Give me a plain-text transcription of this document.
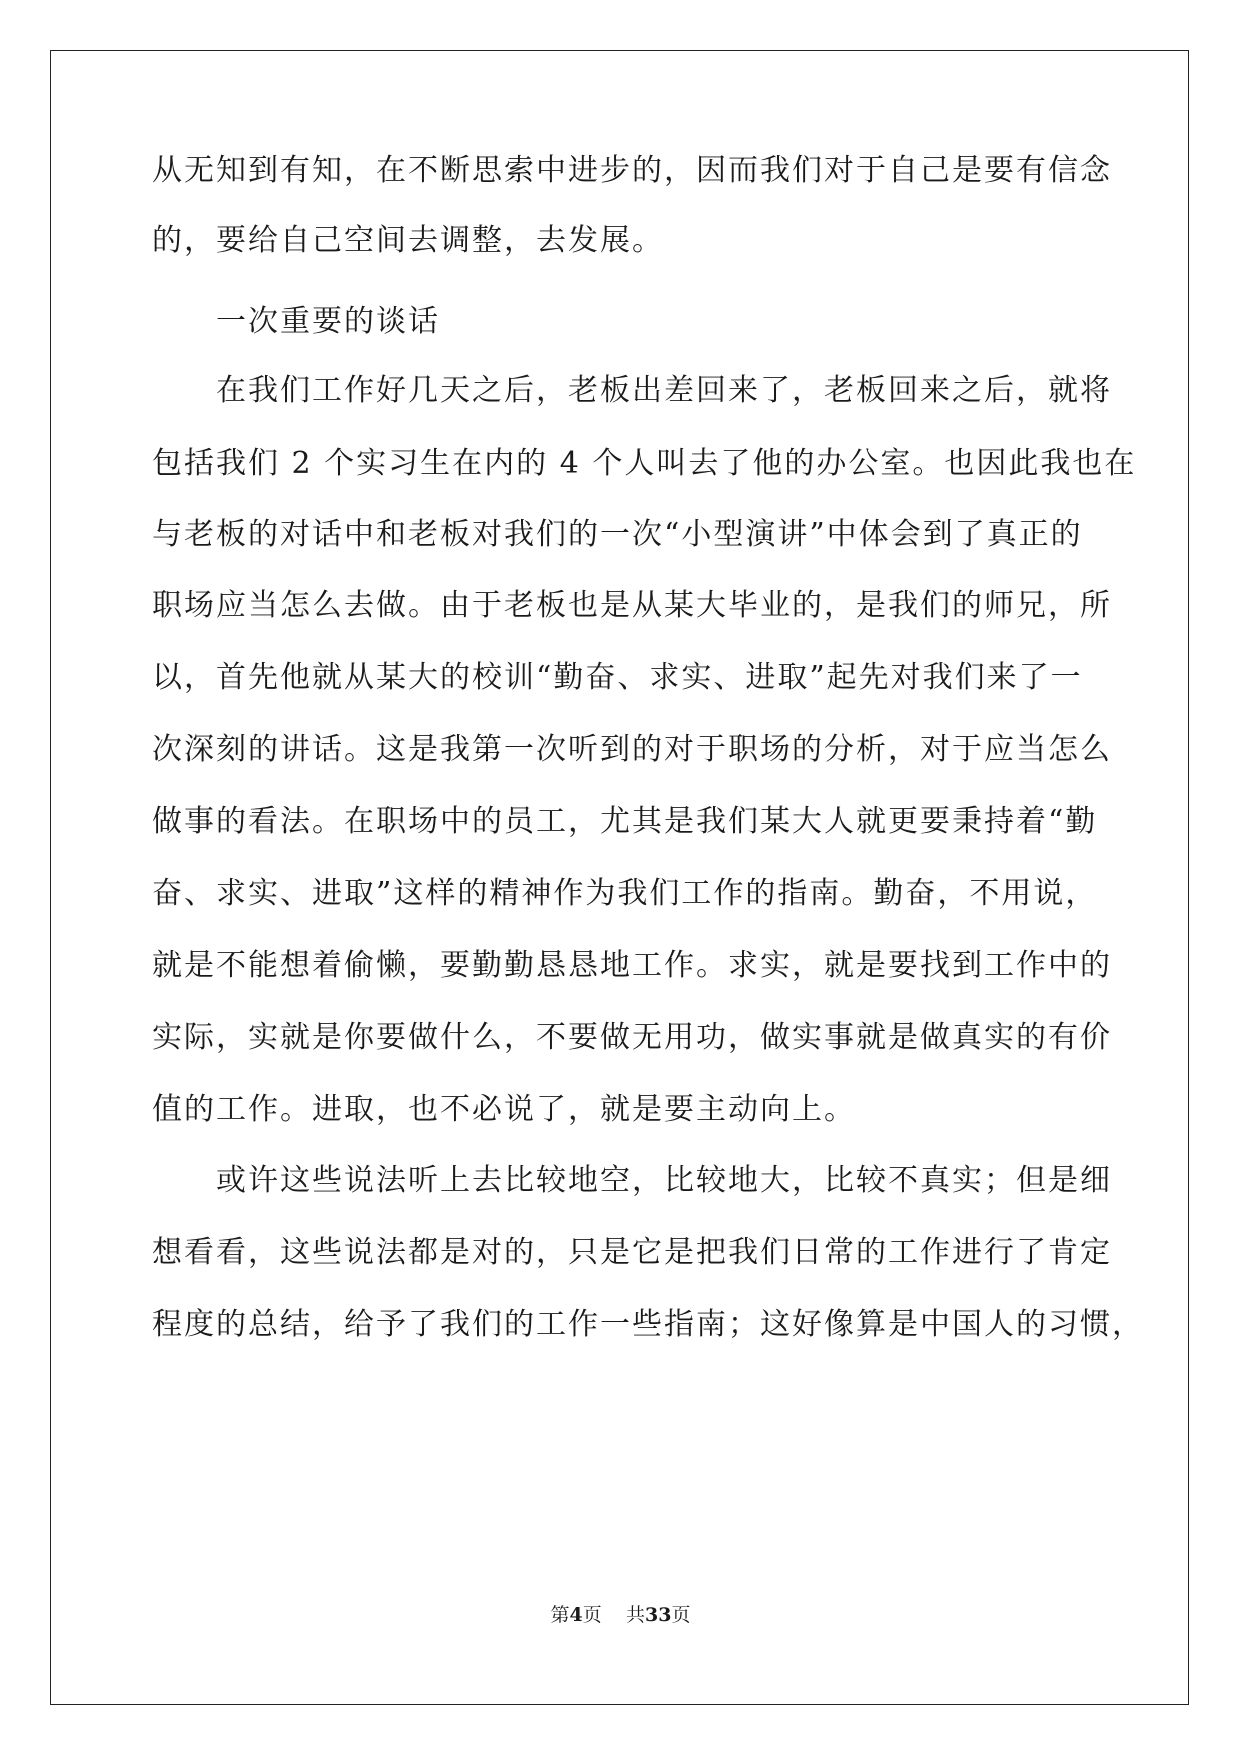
从无知到有知，在不断思索中进步的，因而我们对于自己是要有信念
的，要给自己空间去调整，去发展。
一次重要的谈话
在我们工作好几天之后，老板出差回来了，老板回来之后，就将
包括我们 2 个实习生在内的 4 个人叫去了他的办公室。也因此我也在
与老板的对话中和老板对我们的一次“小型演讲”中体会到了真正的
职场应当怎么去做。由于老板也是从某大毕业的，是我们的师兄，所
以，首先他就从某大的校训“勤奋、求实、进取”起先对我们来了一
次深刻的讲话。这是我第一次听到的对于职场的分析，对于应当怎么
做事的看法。在职场中的员工，尤其是我们某大人就更要秉持着“勤
奋、求实、进取”这样的精神作为我们工作的指南。勤奋，不用说，
就是不能想着偷懒，要勤勤恳恳地工作。求实，就是要找到工作中的
实际，实就是你要做什么，不要做无用功，做实事就是做真实的有价
值的工作。进取，也不必说了，就是要主动向上。
或许这些说法听上去比较地空，比较地大，比较不真实；但是细
想看看，这些说法都是对的，只是它是把我们日常的工作进行了肯定
程度的总结，给予了我们的工作一些指南；这好像算是中国人的习惯，
第4页 共33页
